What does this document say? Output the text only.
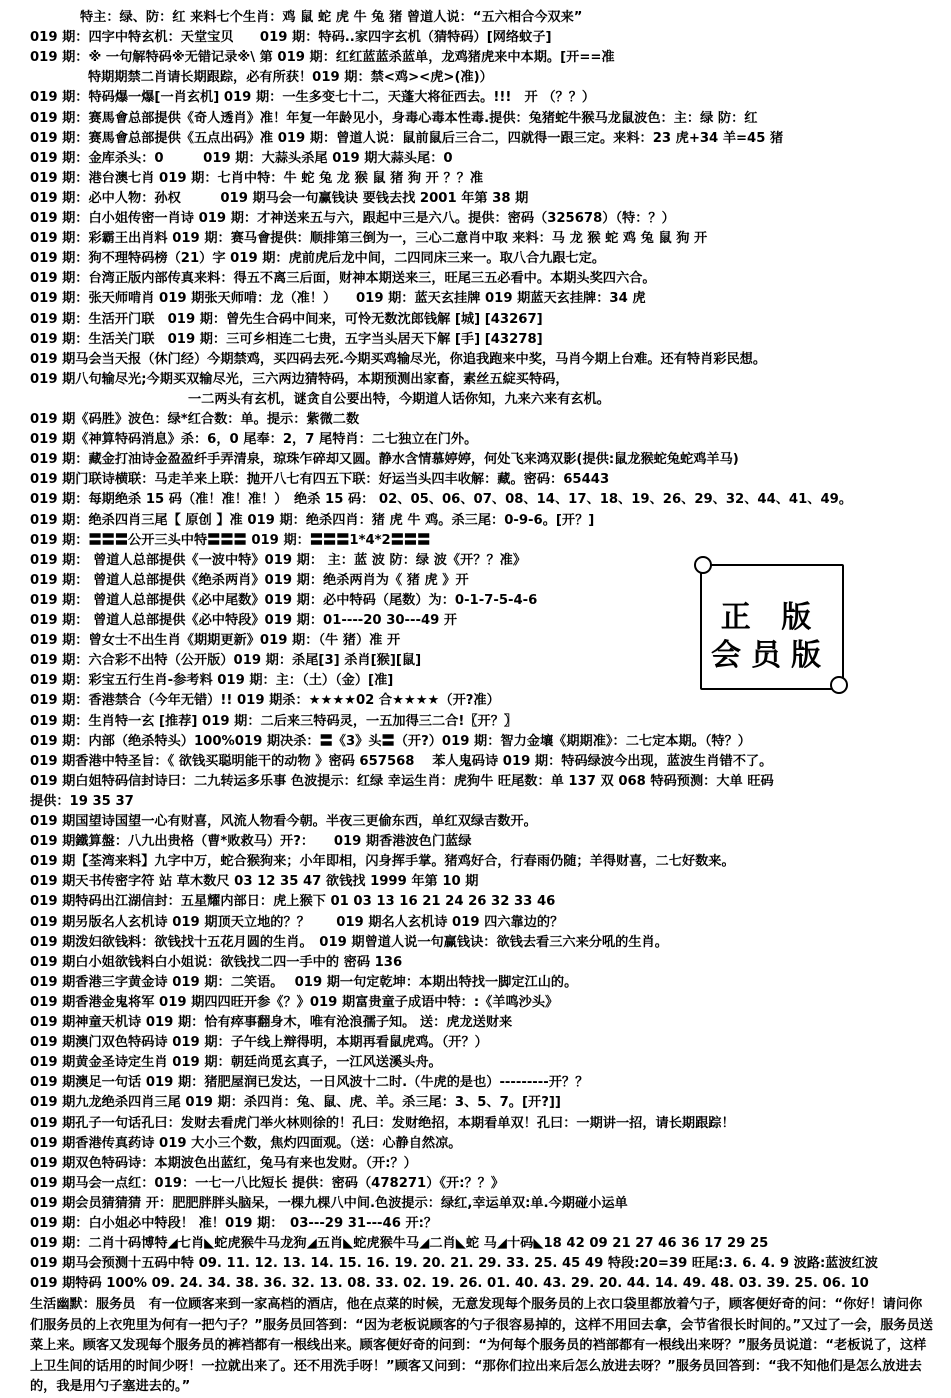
特主：绿、防：红 来料七个生肖：鸡 鼠 蛇 虎 牛 兔 猪 曾道人说：“五六相合今双来”
019 期：四字中特玄机：天堂宝贝　　019 期：特码..家四字玄机（猜特码）[网络蚊子]
019 期：※ 一句解特码※无错记录※\ 第 019 期：红红蓝蓝杀蓝单，龙鸡猪虎来中本期。[开==准
特期期禁二肖请长期跟踪，必有所获！019 期：禁<鸡><虎>(准)）
019 期：特码爆一爆[一肖玄机] 019 期：一生多变七十二，天蓬大将征西去。!!!　开 （？？）
019 期：赛馬會总部提供《奇人透肖》准！年复一年龄见小，身毒心毒本性毒.提供：兔猪蛇牛猴马龙鼠波色：主：绿 防：红
019 期：赛馬會总部提供《五点出码》准 019 期：曾道人说：鼠前鼠后三合二，四就得一跟三定。来料：23 虎+34 羊=45 猪
019 期：金库杀头：0　　　019 期：大蒜头杀尾 019 期大蒜头尾：0
019 期：港台澳七肖 019 期：七肖中特：牛 蛇 兔 龙 猴 鼠 猪 狗 开 ？？准
019 期：必中人物：孙权　　　019 期马会一句赢钱诀 要钱去找 2001 年第 38 期
019 期：白小姐传密一肖诗 019 期：才神送来五与六，跟起中三是六八。提供：密码（325678）（特：？）
019 期：彩霸王出肖料 019 期：赛马會提供：顺排第三倒为一，三心二意肖中取 来料：马 龙 猴 蛇 鸡 兔 鼠 狗 开
019 期：狗不理特码榜（21）字 019 期：虎前虎后龙中间，二四同床三来一。取八合九跟七定。
019 期：台湾正版内部传真来料：得五不离三后面，财神本期送来三，旺尾三五必看中。本期头奖四六合。
019 期：张天师啃肖 019 期张天师啃：龙（准！）　　019 期：蓝天玄挂牌 019 期蓝天玄挂牌：34 虎
019 期：生活开门联　019 期：曾先生合码中间来，可怜无数沈郎钱解 [城] [43267]
019 期：生活关门联　019 期：三可乡相连二七贵，五字当头居天下解 [手] [43278]
019 期马会当天报（休门经）今期禁鸡，买四码去死.今期买鸡输尽光，你追我跑来中奖，马肖今期上台难。还有特肖彩民想。
019 期八句输尽光;今期买双输尽光，三六两边猜特码，本期预测出家畜，素丝五綻买特码，
一二两头有玄机，谜贪自公要出特，今期道人话你知，九来六来有玄机。
019 期《码胜》波色：绿*红合数：单。提示：紫微二数
019 期《神算特码消息》杀：6，0 尾奉：2，7 尾特肖：二七独立在门外。
019 期：藏金打油诗金盈盈纤手弄清泉，琼珠乍碎却又圆。静水含情慕婷婷，何处飞来鸿双影(提供:鼠龙猴蛇兔蛇鸡羊马)
019 期门联诗横联：马走羊来上联：抛开八七有四五下联：好运当头四丰收解：藏。密码：65443
019 期：每期绝杀 15 码（准！准！准！）　绝杀 15 码： 02、05、06、07、08、14、17、18、19、26、29、32、44、41、49。
019 期：绝杀四肖三尾【 原创 】准 019 期：绝杀四肖：猪 虎 牛 鸡。杀三尾：0-9-6。[开？]
019 期：〓〓〓公开三头中特〓〓〓 019 期：〓〓〓1*4*2〓〓〓
019 期： 曾道人总部提供《一波中特》019 期： 主：蓝 波 防：绿 波《开？？准》
019 期： 曾道人总部提供《绝杀两肖》019 期：绝杀两肖为《 猪 虎 》开
019 期： 曾道人总部提供《必中尾数》019 期：必中特码（尾数）为：0-1-7-5-4-6
019 期： 曾道人总部提供《必中特段》019 期：01----20 30---49 开
019 期：曾女士不出生肖《期期更新》019 期：（牛 猪）准 开
019 期：六合彩不出特（公开版）019 期：杀尾[3] 杀肖[猴][鼠]
019 期：彩宝五行生肖-参考料 019 期：主：（土）（金）[准]
019 期：香港禁合（今年无错）!! 019 期杀：★★★★02 合★★★★（开?准）
019 期：生肖特一玄 [推荐] 019 期：二后来三特码灵，一五加得三二合!〖开？〗
019 期：内部（绝杀特头）100%019 期决杀：〓《3》头〓（开?）019 期：智力金壤《期期准》：二七定本期。（特？）
019 期香港中特圣旨：《 欲钱买聪明能干的动物 》密码 657568　 苯人鬼码诗 019 期：特码绿波今出现，蓝波生肖错不了。
019 期白姐特码信封诗曰：二九转运多乐事 色波提示：红绿 幸运生肖：虎狗牛 旺尾数：单 137 双 068 特码预测：大单 旺码
提供：19 35 37
019 期国望诗国望一心有财喜，风流人物看今朝。半夜三更偷东西，单红双绿吉数开。
019 期鐵算盤：八九出贵格（曹*败救马）开?：　　019 期香港波色门蓝绿
019 期【荃湾来料】九字中万，蛇合猴狗来；小年即相，闪身挥手掌。猪鸡好合，行春雨仍随；羊得财喜，二七好数来。
019 期天书传密字符 站 草木数尺 03 12 35 47 欲钱找 1999 年第 10 期
019 期特码出江湖信封：五星耀内部日：虎上猴下 01 03 13 16 21 24 26 32 33 46
019 期另版名人玄机诗 019 期顶天立地的？？　　019 期名人玄机诗 019 四六靠边的？
019 期泼妇欲钱料：欲钱找十五花月圆的生肖。　019 期曾道人说一句赢钱诀：欲钱去看三六来分吼的生肖。
019 期白小姐欲钱料白小姐说：欲钱找二四一手中的 密码 136
019 期香港三字黄金诗 019 期：二笑语。　 019 期一句定乾坤：本期出特找一脚定江山的。
019 期香港金鬼将军 019 期四四旺开参《？》019 期富贵童子成语中特：:《羊鸣沙头》
019 期神童天机诗 019 期：恰有瘁事翻身木，唯有沧浪孺子知。 送：虎龙送财来
019 期澳门双色特码诗 019 期：子午线上辩得明，本期再看鼠虎鸡。（开？）
019 期黄金圣诗定生肖 019 期：朝廷尚觅玄真子，一江风送溪头舟。
019 期澳足一句话 019 期：猪肥屋润已发达，一日风波十二时.（牛虎的是也）---------开？？
019 期九龙绝杀四肖三尾 019 期：杀四肖：兔、鼠、虎、羊。杀三尾：3、5、7。[开?]]
019 期孔子一句话孔曰：发财去看虎门举火林则徐的！孔曰：发财绝招，本期看单双！孔曰：一期讲一招，请长期跟踪！
019 期香港传真药诗 019 大小三个数，焦灼四面观。（送：心静自然凉。
019 期双色特码诗：本期波色出蓝红，兔马有来也发财。（开:？）
019 期马会一点红：019：一七一八比短长 提供：密码（478271）《开:？？》
019 期会员猜猜猜 开：肥肥胖胖头脑呆，一棵九棵八中间.色波提示：绿红,幸运单双:单.今期碰小运单
019 期：白小姐必中特段！ 准！019 期：　03---29 31---46 开:？
019 期：二肖十码博特◢七肖◣蛇虎猴牛马龙狗◢五肖◣蛇虎猴牛马◢二肖◣蛇 马◢十码◣18 42 09 21 27 46 36 17 29 25
019 期马会预测十五码中特 09. 11. 12. 13. 14. 15. 16. 19. 20. 21. 29. 33. 25. 45 49 特段:20=39 旺尾:3. 6. 4. 9 波路:蓝波红波
019 期特码 100% 09. 24. 34. 38. 36. 32. 13. 08. 33. 02. 19. 26. 01. 40. 43. 29. 20. 44. 14. 49. 48. 03. 39. 25. 06. 10
生活幽默：服务员　有一位顾客来到一家高档的酒店，他在点菜的时候，无意发现每个服务员的上衣口袋里都放着勺子，顾客便好奇的问：“你好！请问你们服务员的上衣兜里为何有一把勺子？”服务员回答到：“因为老板说顾客的勺子很容易掉的，这样不用回去拿，会节省很长时间的。”又过了一会，服务员送菜上来。顾客又发现每个服务员的裤裆都有一根线出来。顾客便好奇的问到：“为何每个服务员的裆部都有一根线出来呀？”服务员说道：“老板说了，这样上卫生间的话用的时间少呀！一拉就出来了。还不用洗手呀！”顾客又问到：“那你们拉出来后怎么放进去呀？”服务员回答到：“我不知他们是怎么放进去的，我是用勺子塞进去的。”
正 版
会员版
